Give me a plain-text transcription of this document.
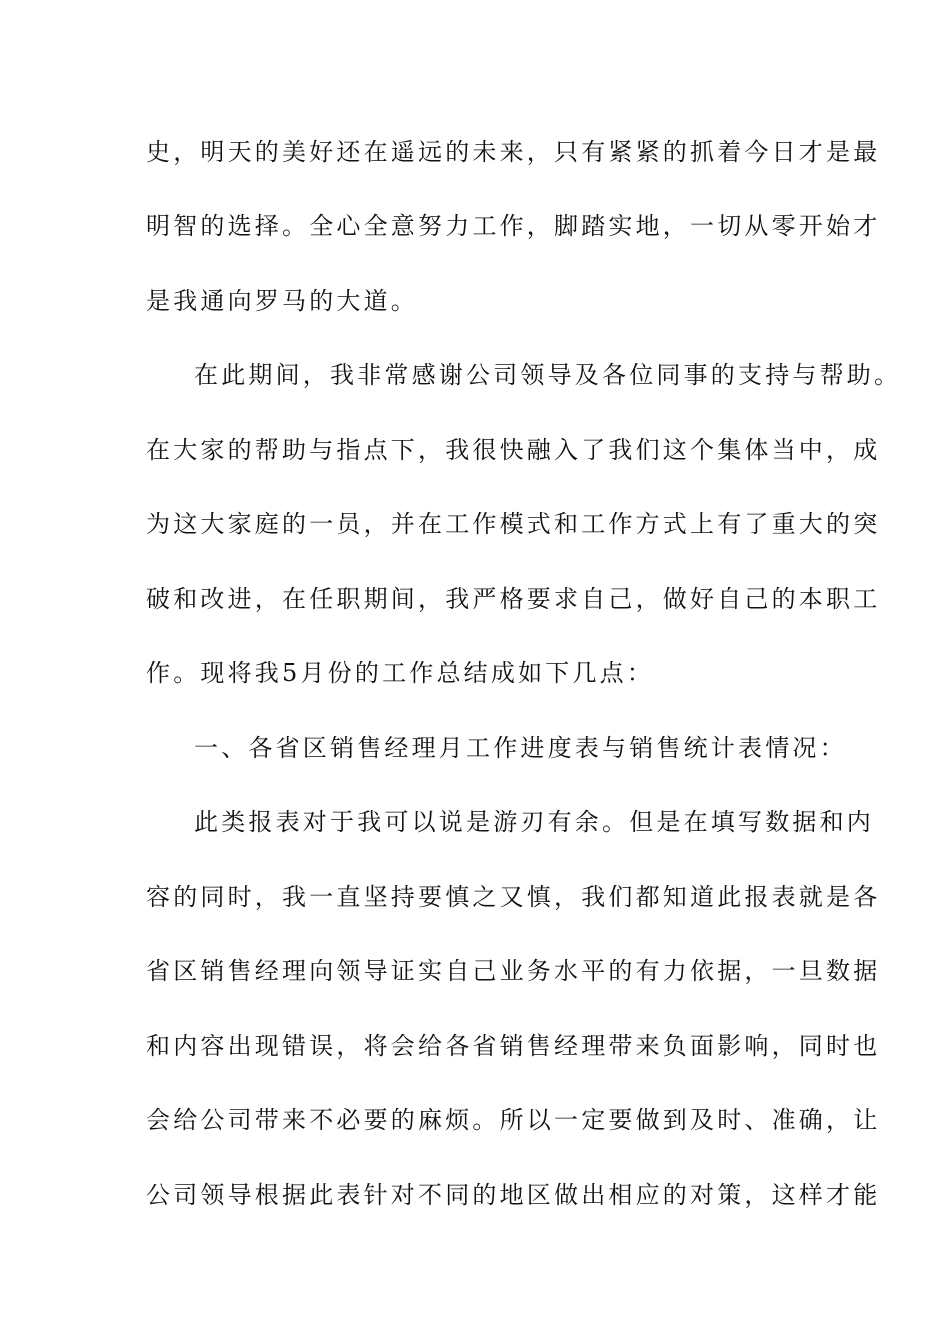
史，明天的美好还在遥远的未来，只有紧紧的抓着今日才是最
明智的选择。全心全意努力工作，脚踏实地，一切从零开始才
是我通向罗马的大道。
在此期间，我非常感谢公司领导及各位同事的支持与帮助。
在大家的帮助与指点下，我很快融入了我们这个集体当中，成
为这大家庭的一员，并在工作模式和工作方式上有了重大的突
破和改进，在任职期间，我严格要求自己，做好自己的本职工
作。现将我5月份的工作总结成如下几点：
一、各省区销售经理月工作进度表与销售统计表情况：
此类报表对于我可以说是游刃有余。但是在填写数据和内
容的同时，我一直坚持要慎之又慎，我们都知道此报表就是各
省区销售经理向领导证实自己业务水平的有力依据，一旦数据
和内容出现错误，将会给各省销售经理带来负面影响，同时也
会给公司带来不必要的麻烦。所以一定要做到及时、准确，让
公司领导根据此表针对不同的地区做出相应的对策，这样才能
